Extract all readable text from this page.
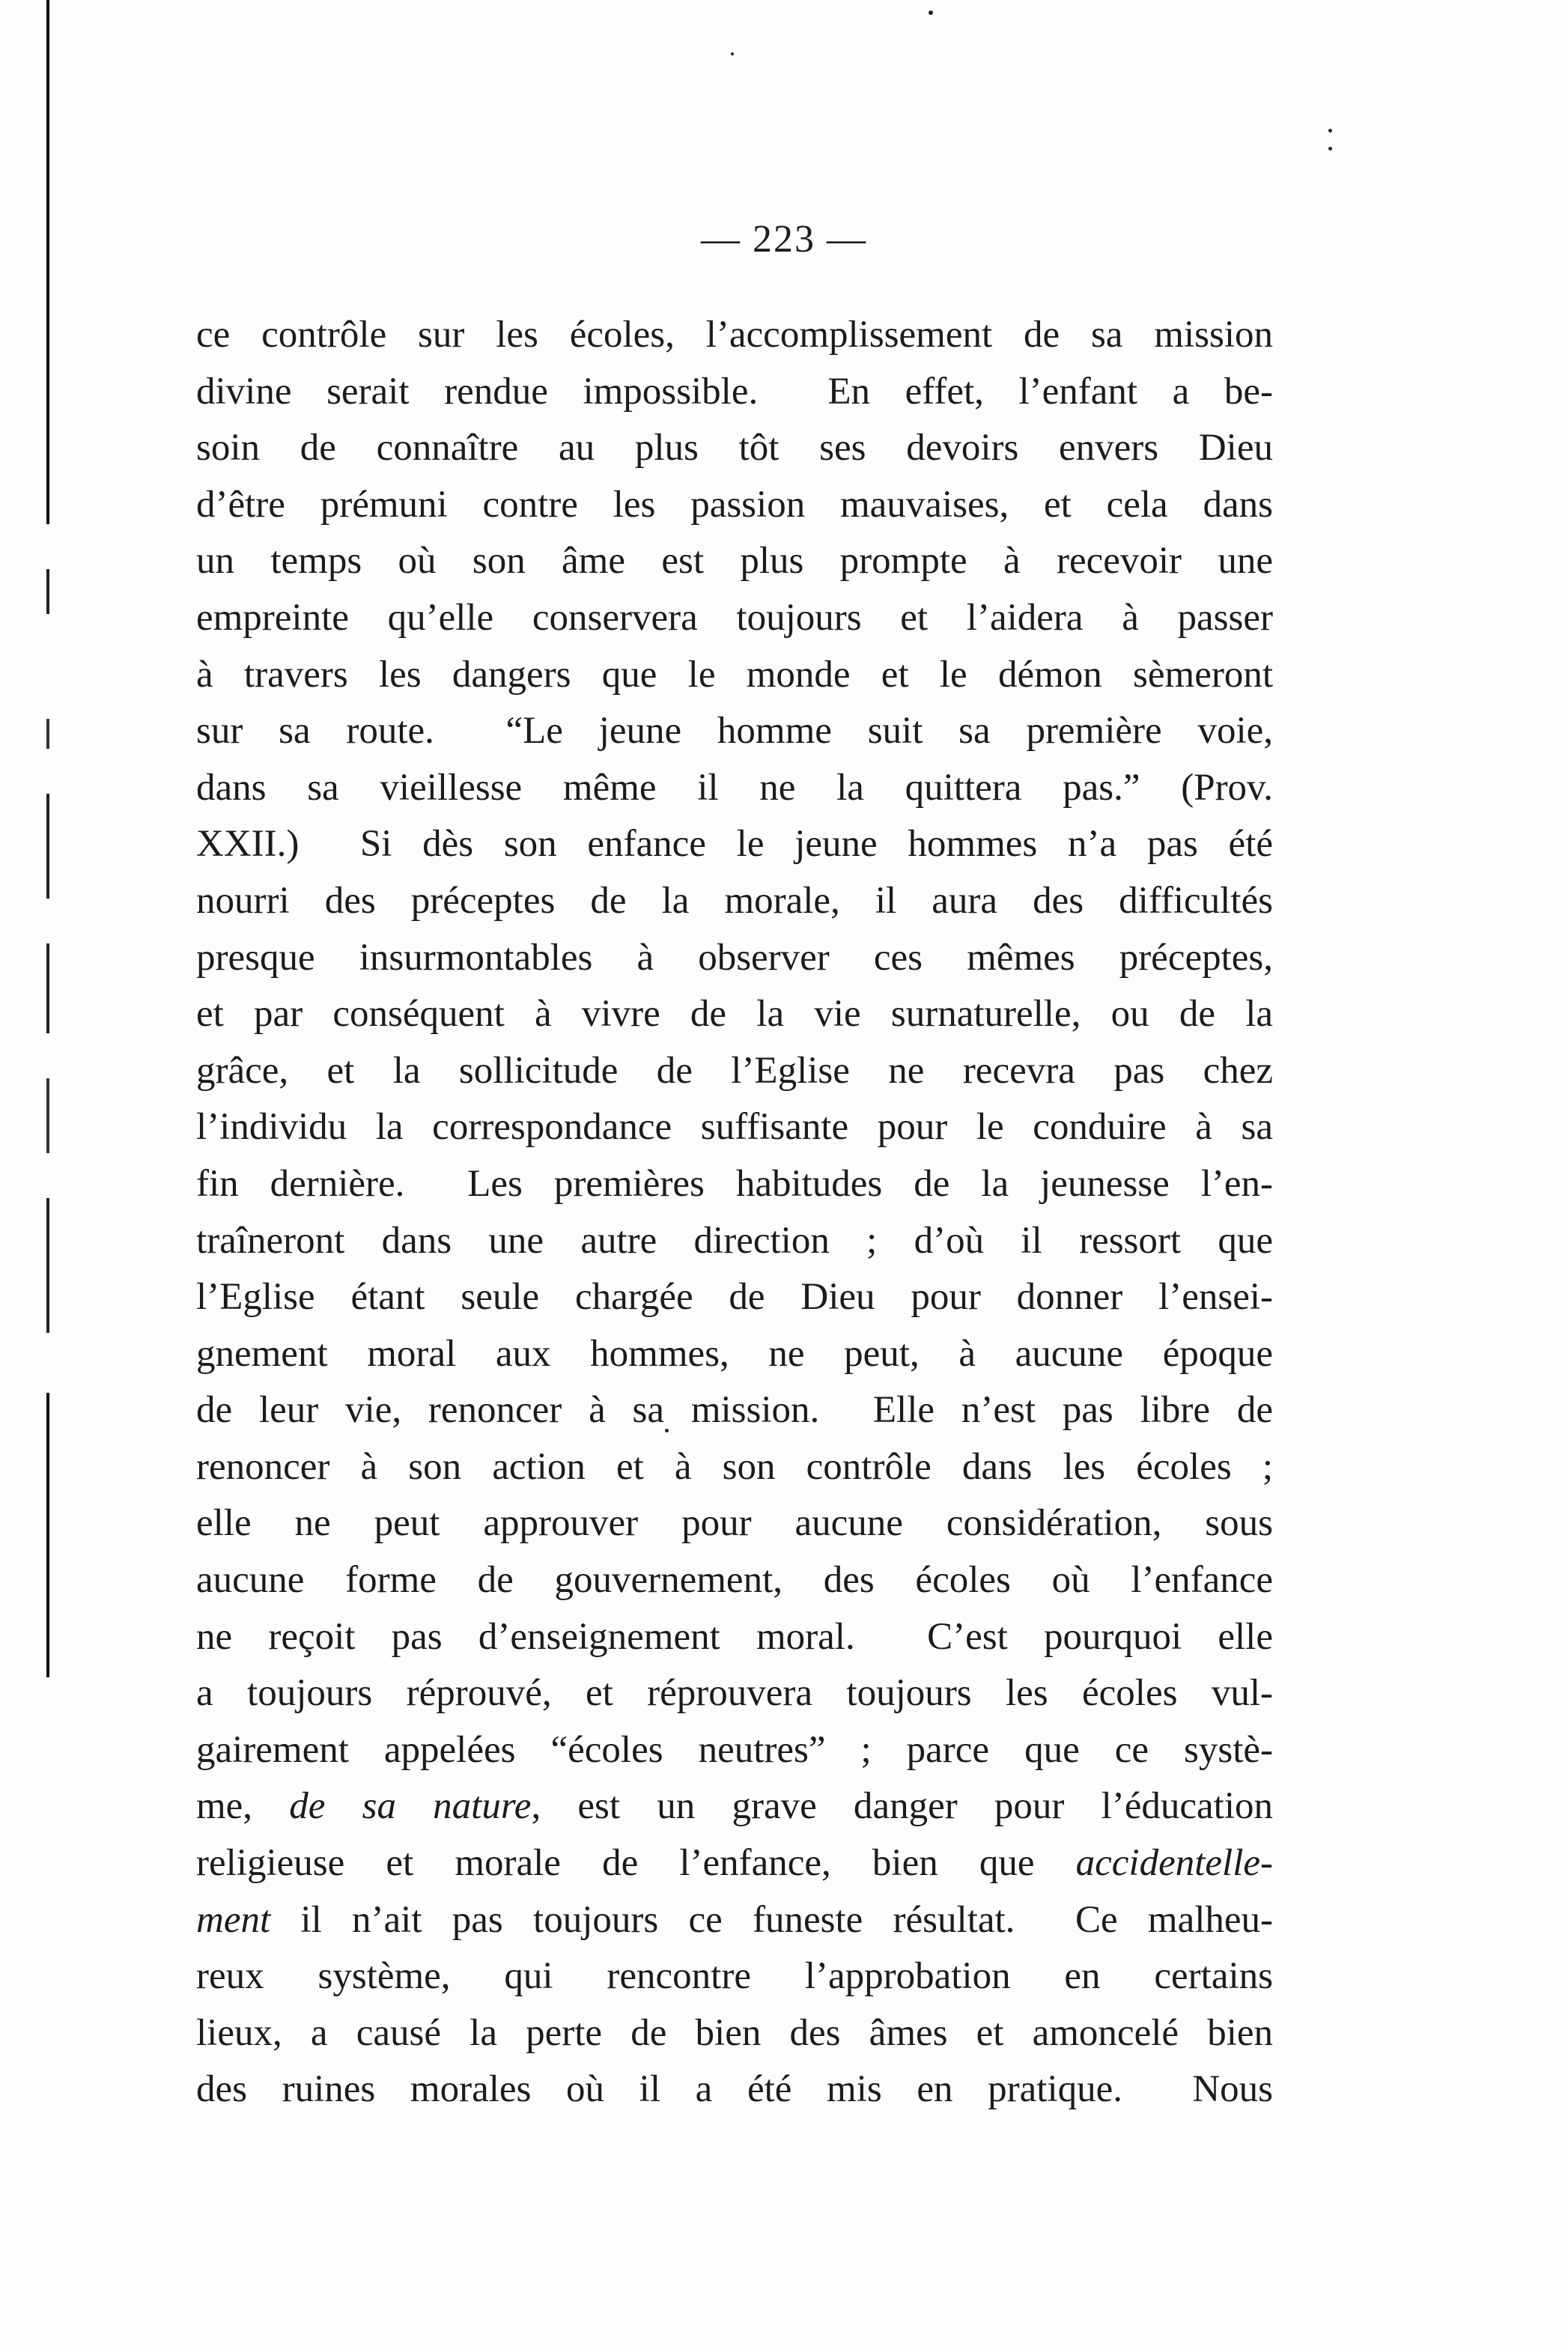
— 223 —
ce contrôle sur les écoles, l’accomplissement de sa mission
divine serait rendue impossible.  En effet, l’enfant a be-
soin de connaître au plus tôt ses devoirs envers Dieu
d’être prémuni contre les passion mauvaises, et cela dans
un temps où son âme est plus prompte à recevoir une
empreinte qu’elle conservera toujours et l’aidera à passer
à travers les dangers que le monde et le démon sèmeront
sur sa route.  “Le jeune homme suit sa première voie,
dans sa vieillesse même il ne la quittera pas.” (Prov.
XXII.)  Si dès son enfance le jeune hommes n’a pas été
nourri des préceptes de la morale, il aura des difficultés
presque insurmontables à observer ces mêmes préceptes,
et par conséquent à vivre de la vie surnaturelle, ou de la
grâce, et la sollicitude de l’Eglise ne recevra pas chez
l’individu la correspondance suffisante pour le conduire à sa
fin dernière.  Les premières habitudes de la jeunesse l’en-
traîneront dans une autre direction ; d’où il ressort que
l’Eglise étant seule chargée de Dieu pour donner l’ensei-
gnement moral aux hommes, ne peut, à aucune époque
de leur vie, renoncer à sa mission.  Elle n’est pas libre de
renoncer à son action et à son contrôle dans les écoles ;
elle ne peut approuver pour aucune considération, sous
aucune forme de gouvernement, des écoles où l’enfance
ne reçoit pas d’enseignement moral.  C’est pourquoi elle
a toujours réprouvé, et réprouvera toujours les écoles vul-
gairement appelées “écoles neutres” ; parce que ce systè-
me, de sa nature, est un grave danger pour l’éducation
religieuse et morale de l’enfance, bien que accidentelle-
ment il n’ait pas toujours ce funeste résultat.  Ce malheu-
reux système, qui rencontre l’approbation en certains
lieux, a causé la perte de bien des âmes et amoncelé bien
des ruines morales où il a été mis en pratique.  Nous
